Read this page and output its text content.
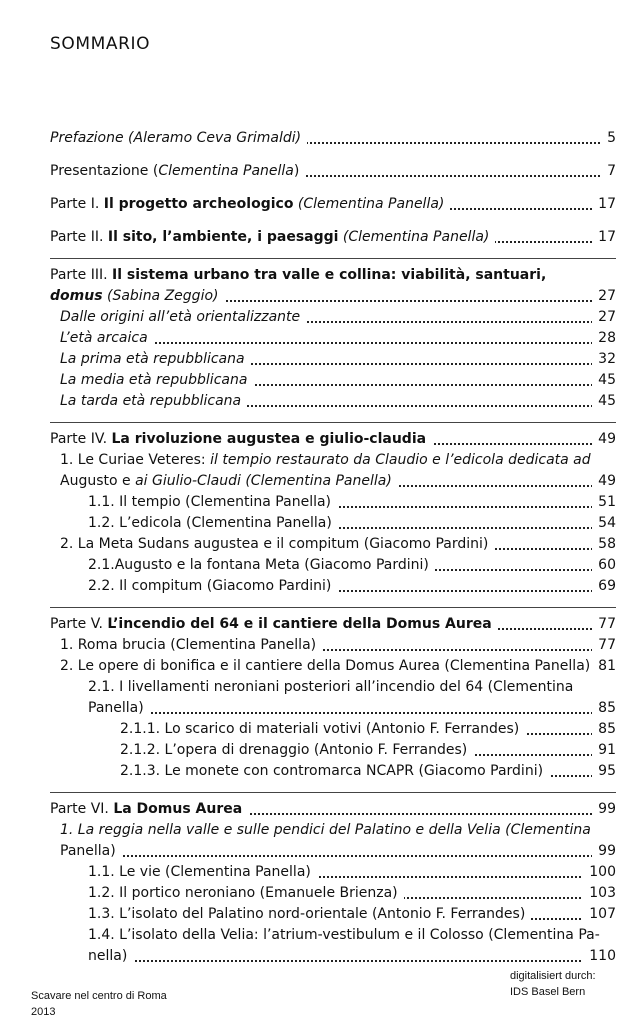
SOMMARIO
Prefazione (Aleramo Ceva Grimaldi)	5
Presentazione (Clementina Panella)	7
Parte I. Il progetto archeologico (Clementina Panella)	17
Parte II. Il sito, l’ambiente, i paesaggi (Clementina Panella)	17
Parte III. Il sistema urbano tra valle e collina: viabilità, santuari,
domus (Sabina Zeggio)	27
Dalle origini all’età orientalizzante	27
L’età arcaica	28
La prima età repubblicana	32
La media età repubblicana	45
La tarda età repubblicana	45
Parte IV. La rivoluzione augustea e giulio-claudia	49
1. Le Curiae Veteres: il tempio restaurato da Claudio e l’edicola dedicata ad
Augusto e ai Giulio-Claudi (Clementina Panella)	49
1.1. Il tempio (Clementina Panella)	51
1.2. L’edicola (Clementina Panella)	54
2. La Meta Sudans augustea e il compitum (Giacomo Pardini)	58
2.1.Augusto e la fontana Meta (Giacomo Pardini)	60
2.2. Il compitum (Giacomo Pardini)	69
Parte V. L’incendio del 64 e il cantiere della Domus Aurea	77
1. Roma brucia (Clementina Panella)	77
2. Le opere di bonifica e il cantiere della Domus Aurea (Clementina Panella) 81
2.1. I livellamenti neroniani posteriori all’incendio del 64 (Clementina
Panella)	85
2.1.1. Lo scarico di materiali votivi (Antonio F. Ferrandes)	85
2.1.2. L’opera di drenaggio (Antonio F. Ferrandes)	91
2.1.3. Le monete con contromarca NCAPR (Giacomo Pardini)	95
Parte VI. La Domus Aurea	99
1. La reggia nella valle e sulle pendici del Palatino e della Velia (Clementina
Panella)	99
1.1. Le vie (Clementina Panella)	100
1.2. Il portico neroniano (Emanuele Brienza)	103
1.3. L’isolato del Palatino nord-orientale (Antonio F. Ferrandes)	107
1.4. L’isolato della Velia: l’atrium-vestibulum e il Colosso (Clementina Pa-
nella)	110
Scavare nel centro di Roma
2013
digitalisiert durch:
IDS Basel Bern
